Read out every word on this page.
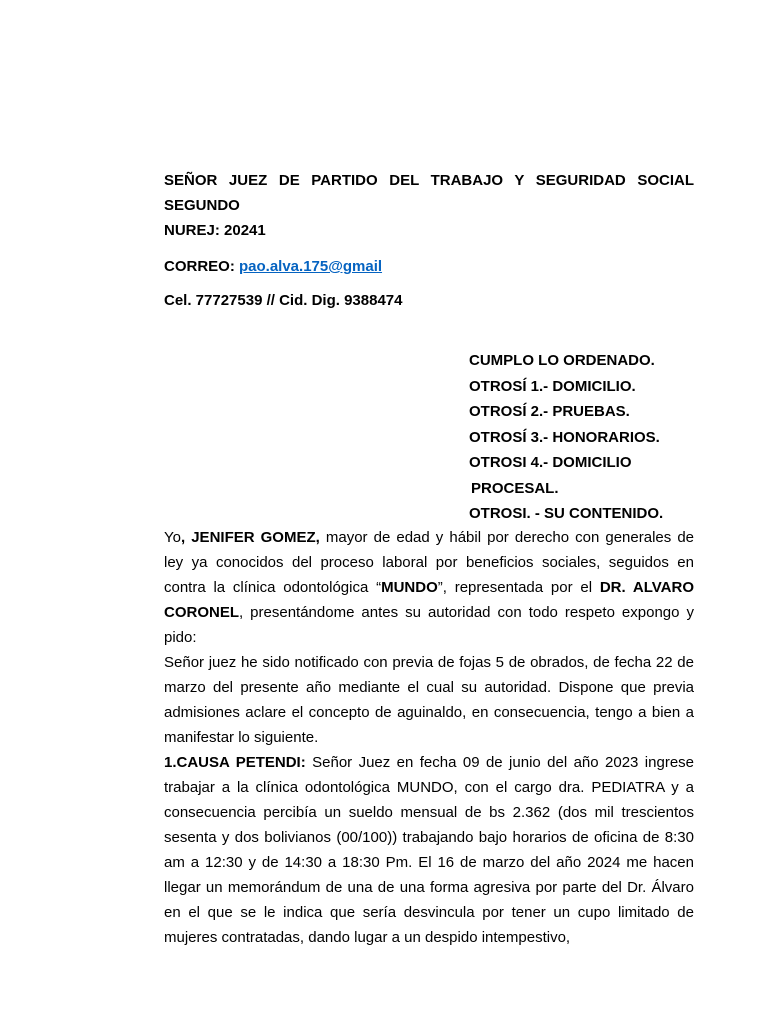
SEÑOR JUEZ DE PARTIDO DEL TRABAJO Y SEGURIDAD SOCIAL SEGUNDO

NUREJ: 20241

CORREO: pao.alva.175@gmail
Cel. 77727539 // Cid. Dig. 9388474
CUMPLO LO ORDENADO.
OTROSÍ 1.- DOMICILIO.
OTROSÍ 2.- PRUEBAS.
OTROSÍ 3.- HONORARIOS.
OTROSI 4.- DOMICILIO
PROCESAL.
OTROSI. - SU CONTENIDO.

Yo, JENIFER GOMEZ, mayor de edad y hábil por derecho con generales de ley ya conocidos del proceso laboral por beneficios sociales, seguidos en contra la clínica odontológica “MUNDO”, representada por el DR. ALVARO CORONEL, presentándome antes su autoridad con todo respeto expongo y pido:

Señor juez he sido notificado con previa de fojas 5 de obrados, de fecha 22 de marzo del presente año mediante el cual su autoridad. Dispone que previa admisiones aclare el concepto de aguinaldo, en consecuencia, tengo a bien a manifestar lo siguiente.

1.CAUSA PETENDI: Señor Juez en fecha 09 de junio del año 2023 ingrese trabajar a la clínica odontológica MUNDO, con el cargo dra. PEDIATRA y a consecuencia percibía un sueldo mensual de bs 2.362 (dos mil trescientos sesenta y dos bolivianos (00/100)) trabajando bajo horarios de oficina de 8:30 am a 12:30 y de 14:30 a 18:30 Pm. El 16 de marzo del año 2024 me hacen llegar un memorándum de una de una forma agresiva por parte del Dr. Álvaro en el que se le indica que sería desvincula por tener un cupo limitado de mujeres contratadas, dando lugar a un despido intempestivo,
